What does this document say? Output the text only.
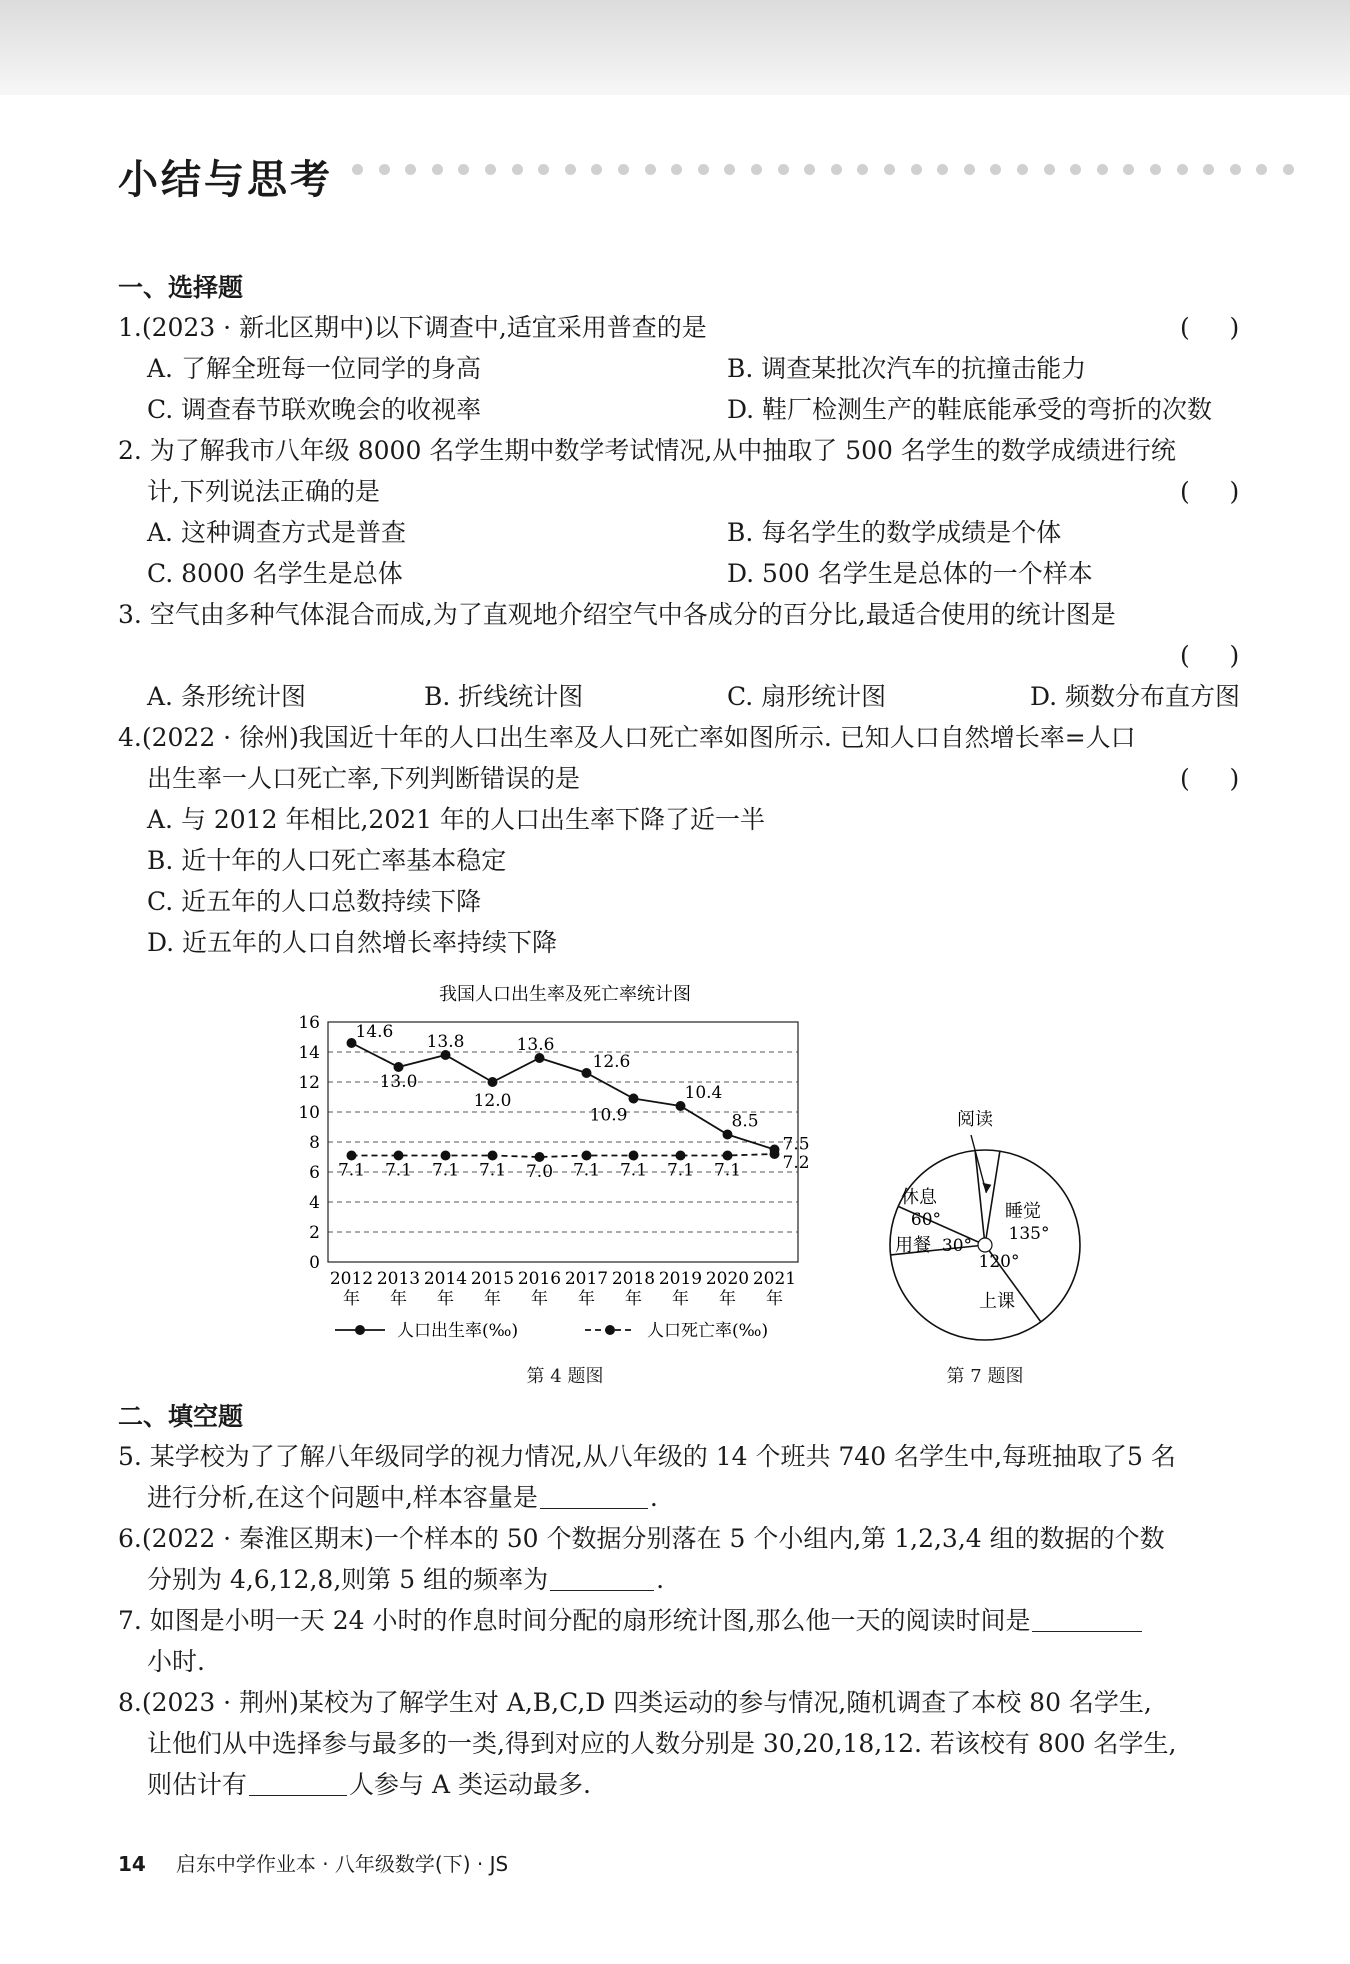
小结与思考
一、选择题
1.(2023 · 新北区期中)以下调查中,适宜采用普查的是	(     )
A. 了解全班每一位同学的身高	B. 调查某批次汽车的抗撞击能力
C. 调查春节联欢晚会的收视率	D. 鞋厂检测生产的鞋底能承受的弯折的次数
2. 为了解我市八年级 8000 名学生期中数学考试情况,从中抽取了 500 名学生的数学成绩进行统
计,下列说法正确的是	(     )
A. 这种调查方式是普查	B. 每名学生的数学成绩是个体
C. 8000 名学生是总体	D. 500 名学生是总体的一个样本
3. 空气由多种气体混合而成,为了直观地介绍空气中各成分的百分比,最适合使用的统计图是
(     )
A. 条形统计图	B. 折线统计图	C. 扇形统计图	D. 频数分布直方图
4.(2022 · 徐州)我国近十年的人口出生率及人口死亡率如图所示. 已知人口自然增长率=人口
出生率一人口死亡率,下列判断错误的是	(     )
A. 与 2012 年相比,2021 年的人口出生率下降了近一半
B. 近十年的人口死亡率基本稳定
C. 近五年的人口总数持续下降
D. 近五年的人口自然增长率持续下降
我国人口出生率及死亡率统计图
0
2
4
6
8
10
12
14
16
2012
年
2013
年
2014
年
2015
年
2016
年
2017
年
2018
年
2019
年
2020
年
2021
年
14.6
13.0
13.8
12.0
13.6
12.6
10.9
10.4
8.5
7.5
7.1 7.1 7.1 7.1 7.0 7.1 7.1 7.1 7.1 7.2
人口出生率(‰)	人口死亡率(‰)
第 4 题图
睡觉
135°
上课
120°
用餐 30°
休息
60°
阅读
第 7 题图
二、填空题
5. 某学校为了了解八年级同学的视力情况,从八年级的 14 个班共 740 名学生中,每班抽取了5 名
进行分析,在这个问题中,样本容量是	.
6.(2022 · 秦淮区期末)一个样本的 50 个数据分别落在 5 个小组内,第 1,2,3,4 组的数据的个数
分别为 4,6,12,8,则第 5 组的频率为	.
7. 如图是小明一天 24 小时的作息时间分配的扇形统计图,那么他一天的阅读时间是
小时.
8.(2023 · 荆州)某校为了解学生对 A,B,C,D 四类运动的参与情况,随机调查了本校 80 名学生,
让他们从中选择参与最多的一类,得到对应的人数分别是 30,20,18,12. 若该校有 800 名学生,
则估计有	人参与 A 类运动最多.
14 启东中学作业本 · 八年级数学(下) · JS
